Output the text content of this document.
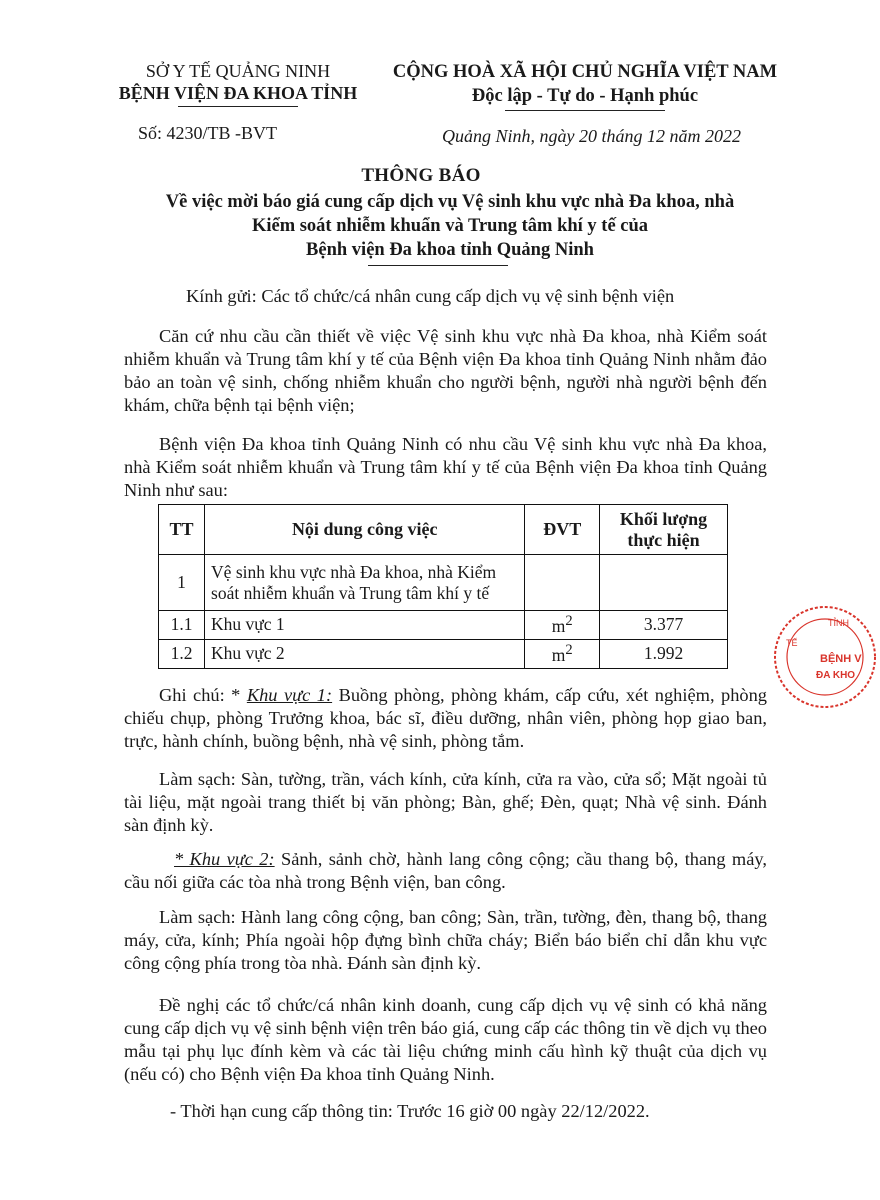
SỞ Y TẾ QUẢNG NINH
BỆNH VIỆN ĐA KHOA TỈNH
CỘNG HOÀ XÃ HỘI CHỦ NGHĨA VIỆT NAM
Độc lập - Tự do - Hạnh phúc
Số: 4230/TB -BVT	Quảng Ninh, ngày 20 tháng 12 năm 2022
THÔNG BÁO
Về việc mời báo giá cung cấp dịch vụ Vệ sinh khu vực nhà Đa khoa, nhà
Kiểm soát nhiễm khuẩn và Trung tâm khí y tế của
Bệnh viện Đa khoa tỉnh Quảng Ninh
Kính gửi: Các tổ chức/cá nhân cung cấp dịch vụ vệ sinh bệnh viện
Căn cứ nhu cầu cần thiết về việc Vệ sinh khu vực nhà Đa khoa, nhà Kiểm soát nhiễm khuẩn và Trung tâm khí y tế của Bệnh viện Đa khoa tỉnh Quảng Ninh nhằm đảo bảo an toàn vệ sinh, chống nhiễm khuẩn cho người bệnh, người nhà người bệnh đến khám, chữa bệnh tại bệnh viện;
Bệnh viện Đa khoa tỉnh Quảng Ninh có nhu cầu Vệ sinh khu vực nhà Đa khoa, nhà Kiểm soát nhiễm khuẩn và Trung tâm khí y tế của Bệnh viện Đa khoa tỉnh Quảng Ninh như sau:
TT	Nội dung công việc	ĐVT	Khối lượng thực hiện
1	Vệ sinh khu vực nhà Đa khoa, nhà Kiểm soát nhiễm khuẩn và Trung tâm khí y tế		
1.1	Khu vực 1	$m^2$	3.377
1.2	Khu vực 2	$m^2$	1.992
Ghi chú: * Khu vực 1: Buồng phòng, phòng khám, cấp cứu, xét nghiệm, phòng chiếu chụp, phòng Trưởng khoa, bác sĩ, điều dưỡng, nhân viên, phòng họp giao ban, trực, hành chính, buồng bệnh, nhà vệ sinh, phòng tắm.
Làm sạch: Sàn, tường, trần, vách kính, cửa kính, cửa ra vào, cửa sổ; Mặt ngoài tủ tài liệu, mặt ngoài trang thiết bị văn phòng; Bàn, ghế; Đèn, quạt; Nhà vệ sinh. Đánh sàn định kỳ.
* Khu vực 2: Sảnh, sảnh chờ, hành lang công cộng; cầu thang bộ, thang máy, cầu nối giữa các tòa nhà trong Bệnh viện, ban công.
Làm sạch: Hành lang công cộng, ban công; Sàn, trần, tường, đèn, thang bộ, thang máy, cửa, kính; Phía ngoài hộp đựng bình chữa cháy; Biển báo biển chỉ dẫn khu vực công cộng phía trong tòa nhà. Đánh sàn định kỳ.
Đề nghị các tổ chức/cá nhân kinh doanh, cung cấp dịch vụ vệ sinh có khả năng cung cấp dịch vụ vệ sinh bệnh viện trên báo giá, cung cấp các thông tin về dịch vụ theo mẫu tại phụ lục đính kèm và các tài liệu chứng minh cấu hình kỹ thuật của dịch vụ (nếu có) cho Bệnh viện Đa khoa tỉnh Quảng Ninh.
- Thời hạn cung cấp thông tin: Trước 16 giờ 00 ngày 22/12/2022.
BỆNH V
ĐA KHO
TỈNH
TẾ
